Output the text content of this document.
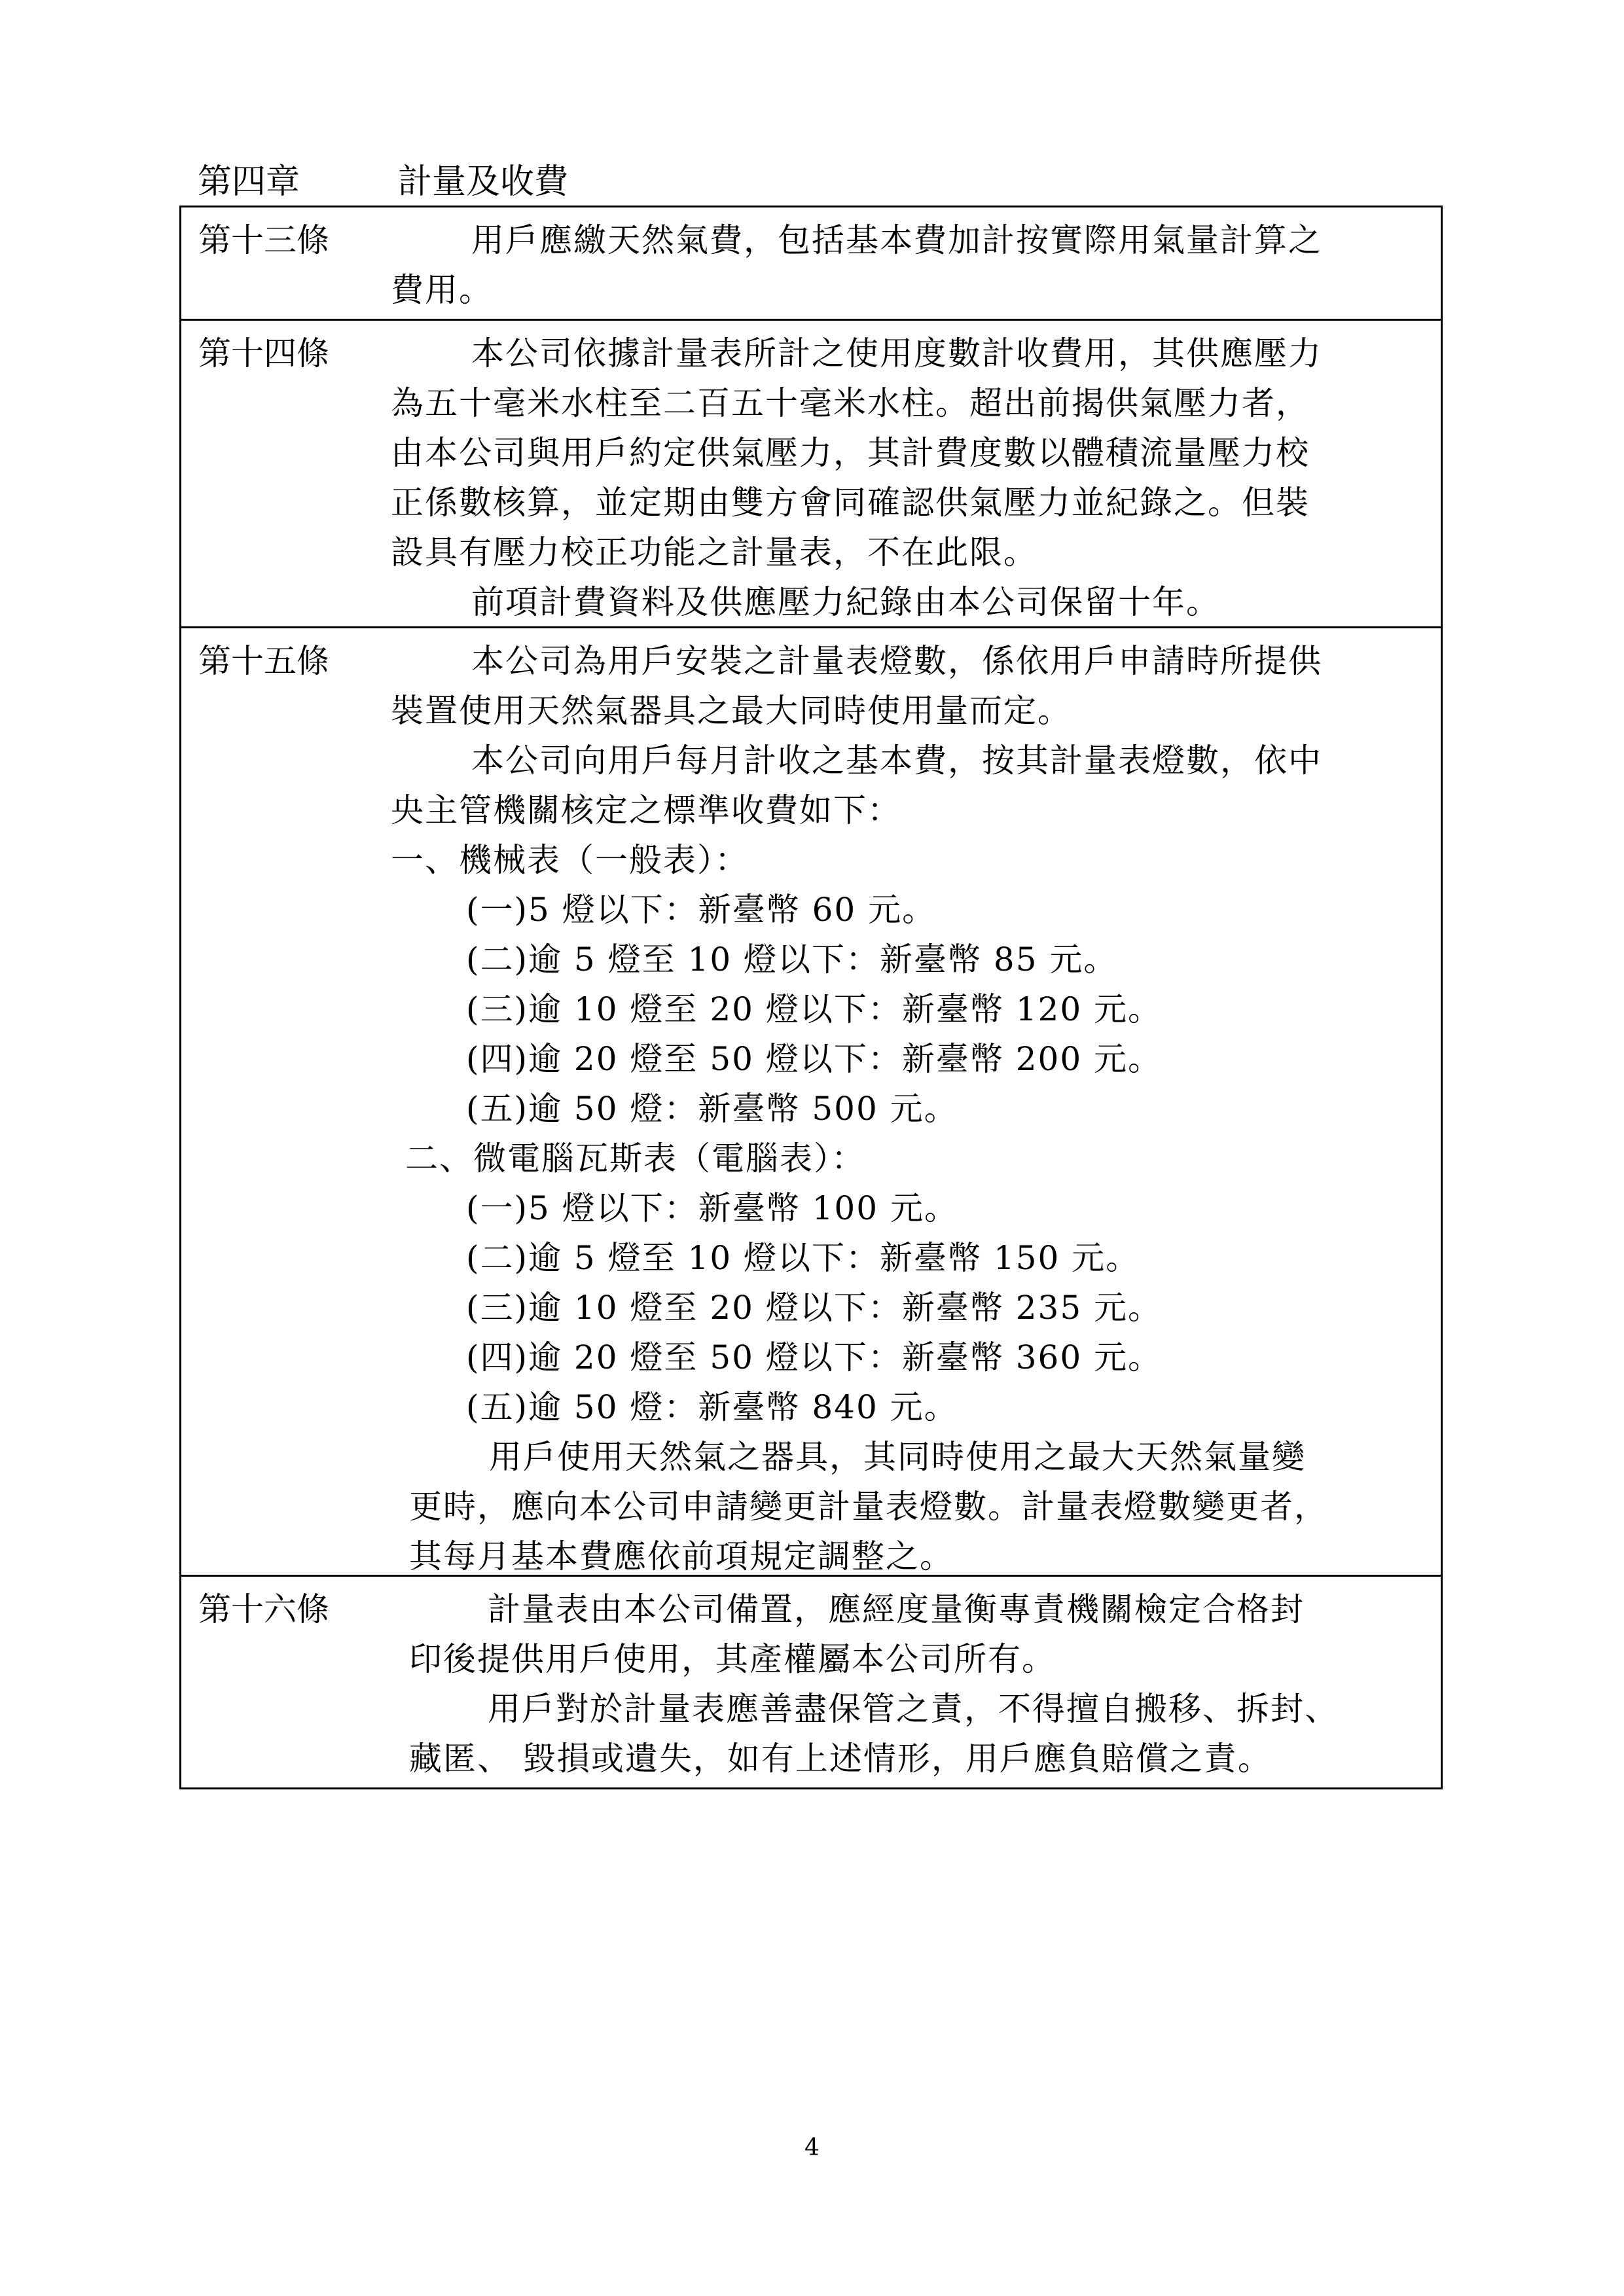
第四章	計量及收費
第十三條	用戶應繳天然氣費，包括基本費加計按實際用氣量計算之
費用。
第十四條	本公司依據計量表所計之使用度數計收費用，其供應壓力
為五十毫米水柱至二百五十毫米水柱。超出前揭供氣壓力者，
由本公司與用戶約定供氣壓力，其計費度數以體積流量壓力校
正係數核算，並定期由雙方會同確認供氣壓力並紀錄之。但裝
設具有壓力校正功能之計量表，不在此限。
前項計費資料及供應壓力紀錄由本公司保留十年。
第十五條	本公司為用戶安裝之計量表燈數，係依用戶申請時所提供
裝置使用天然氣器具之最大同時使用量而定。
本公司向用戶每月計收之基本費，按其計量表燈數，依中
央主管機關核定之標準收費如下：
一、機械表（一般表）：
(一)5 燈以下：新臺幣 60 元。
(二)逾 5 燈至 10 燈以下：新臺幣 85 元。
(三)逾 10 燈至 20 燈以下：新臺幣 120 元。
(四)逾 20 燈至 50 燈以下：新臺幣 200 元。
(五)逾 50 燈：新臺幣 500 元。
二、微電腦瓦斯表（電腦表）：
(一)5 燈以下：新臺幣 100 元。
(二)逾 5 燈至 10 燈以下：新臺幣 150 元。
(三)逾 10 燈至 20 燈以下：新臺幣 235 元。
(四)逾 20 燈至 50 燈以下：新臺幣 360 元。
(五)逾 50 燈：新臺幣 840 元。
用戶使用天然氣之器具，其同時使用之最大天然氣量變
更時，應向本公司申請變更計量表燈數。計量表燈數變更者，
其每月基本費應依前項規定調整之。
第十六條	計量表由本公司備置，應經度量衡專責機關檢定合格封
印後提供用戶使用，其產權屬本公司所有。
用戶對於計量表應善盡保管之責，不得擅自搬移、拆封、
藏匿、 毀損或遺失，如有上述情形，用戶應負賠償之責。
4
